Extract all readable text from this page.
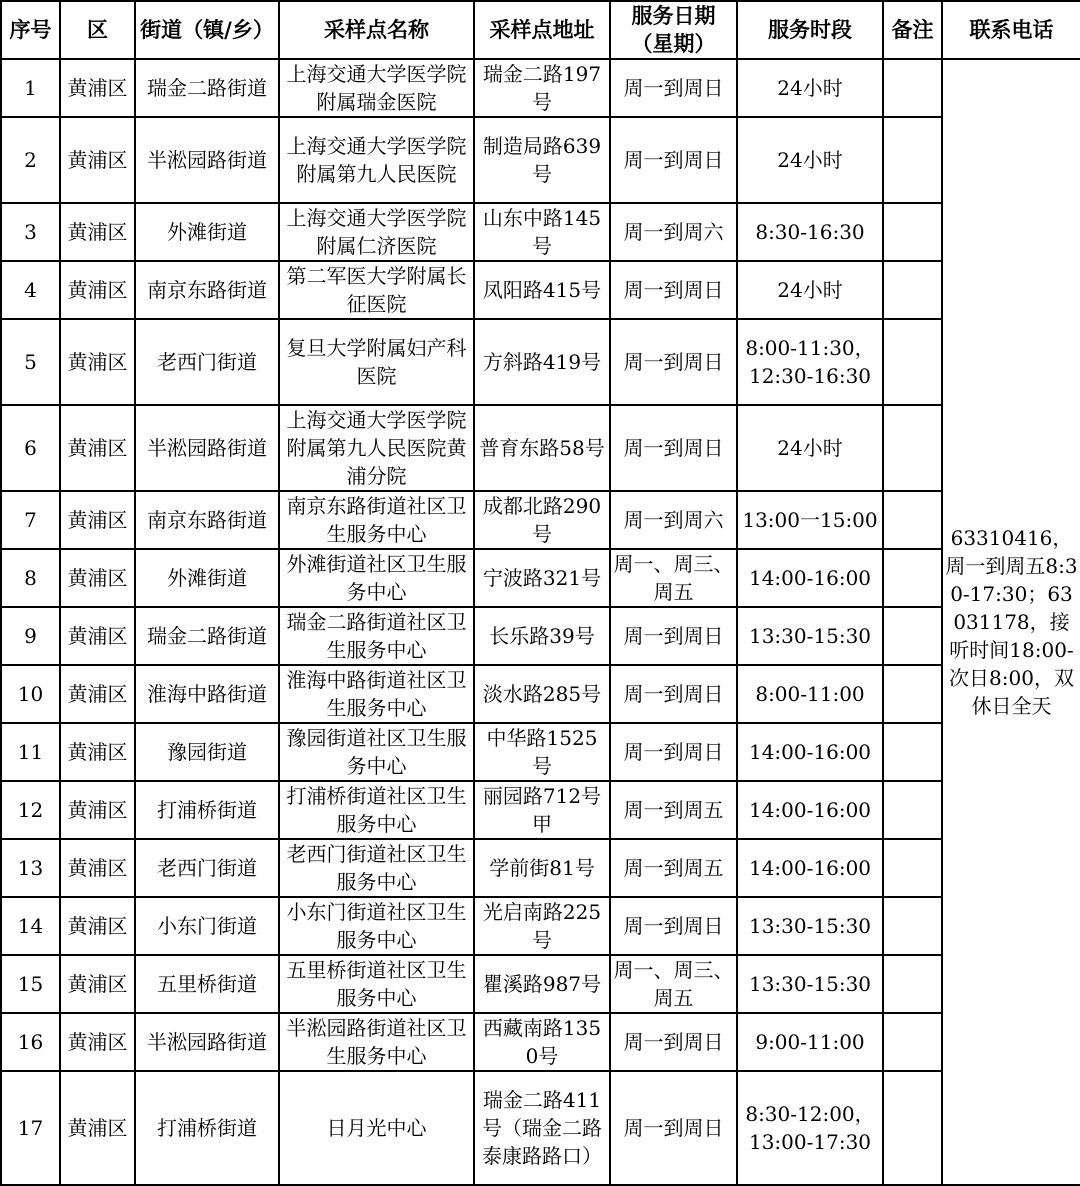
序号	区	街道（镇/乡）	采样点名称	采样点地址	服务日期（星期）	服务时段	备注	联系电话
1	黄浦区	瑞金二路街道	上海交通大学医学院附属瑞金医院	瑞金二路197号	周一到周日	24小时		63310416，周一到周五8:30-17:30；63031178，接听时间18:00-次日8:00，双休日全天
2	黄浦区	半淞园路街道	上海交通大学医学院附属第九人民医院	制造局路639号	周一到周日	24小时		
3	黄浦区	外滩街道	上海交通大学医学院附属仁济医院	山东中路145号	周一到周六	8:30-16:30		
4	黄浦区	南京东路街道	第二军医大学附属长征医院	凤阳路415号	周一到周日	24小时		
5	黄浦区	老西门街道	复旦大学附属妇产科医院	方斜路419号	周一到周日	8:00-11:30，12:30-16:30		
6	黄浦区	半淞园路街道	上海交通大学医学院附属第九人民医院黄浦分院	普育东路58号	周一到周日	24小时		
7	黄浦区	南京东路街道	南京东路街道社区卫生服务中心	成都北路290号	周一到周六	13:00一15:00		
8	黄浦区	外滩街道	外滩街道社区卫生服务中心	宁波路321号	周一、周三、周五	14:00-16:00		
9	黄浦区	瑞金二路街道	瑞金二路街道社区卫生服务中心	长乐路39号	周一到周日	13:30-15:30		
10	黄浦区	淮海中路街道	淮海中路街道社区卫生服务中心	淡水路285号	周一到周日	8:00-11:00		
11	黄浦区	豫园街道	豫园街道社区卫生服务中心	中华路1525号	周一到周日	14:00-16:00		
12	黄浦区	打浦桥街道	打浦桥街道社区卫生服务中心	丽园路712号甲	周一到周五	14:00-16:00		
13	黄浦区	老西门街道	老西门街道社区卫生服务中心	学前街81号	周一到周五	14:00-16:00		
14	黄浦区	小东门街道	小东门街道社区卫生服务中心	光启南路225号	周一到周日	13:30-15:30		
15	黄浦区	五里桥街道	五里桥街道社区卫生服务中心	瞿溪路987号	周一、周三、周五	13:30-15:30		
16	黄浦区	半淞园路街道	半淞园路街道社区卫生服务中心	西藏南路1350号	周一到周日	9:00-11:00		
17	黄浦区	打浦桥街道	日月光中心	瑞金二路411号（瑞金二路泰康路路口）	周一到周日	8:30-12:00，13:00-17:30		
